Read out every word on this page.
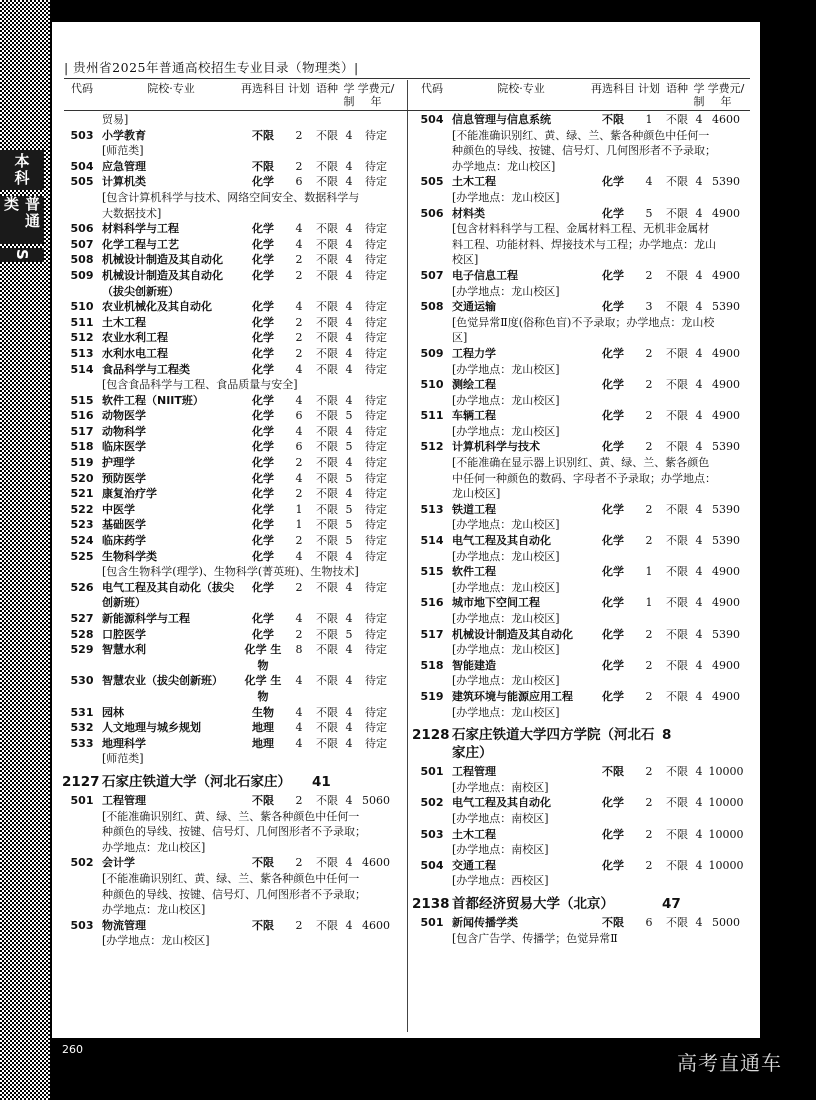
本科
普通类
S
| 贵州省2025年普通高校招生专业目录（物理类）|
代码	院校·专业	再选科目 计划 语种 学制
学费元/年
贸易]
503 小学教育	不限	2	不限 4	待定
[师范类]
504 应急管理	不限	2	不限 4	待定
505 计算机类	化学	6	不限 4	待定
[包含计算机科学与技术、网络空间安全、数据科学与大数据技术]
506 材料科学与工程	化学	4	不限 4	待定
507 化学工程与工艺	化学	4	不限 4	待定
508 机械设计制造及其自动化	化学	2	不限 4	待定
509 机械设计制造及其自动化（拔尖创新班）
化学	2	不限 4	待定
510 农业机械化及其自动化	化学	4	不限 4	待定
511 土木工程	化学	2	不限 4	待定
512 农业水利工程	化学	2	不限 4	待定
513 水利水电工程	化学	2	不限 4	待定
514 食品科学与工程类	化学	4	不限 4	待定
[包含食品科学与工程、食品质量与安全]
515 软件工程（NIIT班）	化学	4	不限 4	待定
516 动物医学	化学	6	不限 5	待定
517 动物科学	化学	4	不限 4	待定
518 临床医学	化学	6	不限 5	待定
519 护理学	化学	2	不限 4	待定
520 预防医学	化学	4	不限 5	待定
521 康复治疗学	化学	2	不限 4	待定
522 中医学	化学	1	不限 5	待定
523 基础医学	化学	1	不限 5	待定
524 临床药学	化学	2	不限 5	待定
525 生物科学类	化学	4	不限 4	待定
[包含生物科学(理学)、生物科学(菁英班)、生物技术]
526 电气工程及其自动化（拔尖创新班）
化学	2	不限 4	待定
527 新能源科学与工程	化学	4	不限 4	待定
528 口腔医学	化学	2	不限 5	待定
529 智慧水利	化学 生物
8	不限 4	待定
530 智慧农业（拔尖创新班）	化学 生物
4	不限 4	待定
531 园林	生物	4	不限 4	待定
532 人文地理与城乡规划	地理	4	不限 4	待定
533 地理科学	地理	4	不限 4	待定
[师范类]
2127 石家庄铁道大学（河北石家庄）	41
501 工程管理	不限	2	不限 4 5060
[不能准确识别红、黄、绿、兰、紫各种颜色中任何一种颜色的导线、按键、信号灯、几何图形者不予录取；办学地点：龙山校区]
502 会计学	不限	2	不限 4 4600
[不能准确识别红、黄、绿、兰、紫各种颜色中任何一种颜色的导线、按键、信号灯、几何图形者不予录取；办学地点：龙山校区]
503 物流管理	不限	2	不限 4 4600
[办学地点：龙山校区]
代码	院校·专业	再选科目 计划 语种 学制
学费元/年
504 信息管理与信息系统	不限	1	不限 4 4600
[不能准确识别红、黄、绿、兰、紫各种颜色中任何一种颜色的导线、按键、信号灯、几何图形者不予录取；办学地点：龙山校区]
505 土木工程	化学	4	不限 4 5390
[办学地点：龙山校区]
506 材料类	化学	5	不限 4 4900
[包含材料科学与工程、金属材料工程、无机非金属材料工程、功能材料、焊接技术与工程；办学地点：龙山校区]
507 电子信息工程	化学	2	不限 4 4900
[办学地点：龙山校区]
508 交通运输	化学	3	不限 4 5390
[色觉异常Ⅱ度(俗称色盲)不予录取；办学地点：龙山校区]
509 工程力学	化学	2	不限 4 4900
[办学地点：龙山校区]
510 测绘工程	化学	2	不限 4 4900
[办学地点：龙山校区]
511 车辆工程	化学	2	不限 4 4900
[办学地点：龙山校区]
512 计算机科学与技术	化学	2	不限 4 5390
[不能准确在显示器上识别红、黄、绿、兰、紫各颜色中任何一种颜色的数码、字母者不予录取；办学地点：龙山校区]
513 铁道工程	化学	2	不限 4 5390
[办学地点：龙山校区]
514 电气工程及其自动化	化学	2	不限 4 5390
[办学地点：龙山校区]
515 软件工程	化学	1	不限 4 4900
[办学地点：龙山校区]
516 城市地下空间工程	化学	1	不限 4 4900
[办学地点：龙山校区]
517 机械设计制造及其自动化	化学	2	不限 4 5390
[办学地点：龙山校区]
518 智能建造	化学	2	不限 4 4900
[办学地点：龙山校区]
519 建筑环境与能源应用工程	化学	2	不限 4 4900
[办学地点：龙山校区]
2128 石家庄铁道大学四方学院（河北石家庄）
8
501 工程管理	不限	2	不限 4 10000
[办学地点：南校区]
502 电气工程及其自动化	化学	2	不限 4 10000
[办学地点：南校区]
503 土木工程	化学	2	不限 4 10000
[办学地点：南校区]
504 交通工程	化学	2	不限 4 10000
[办学地点：西校区]
2138 首都经济贸易大学（北京）	47
501 新闻传播学类	不限	6	不限 4 5000
[包含广告学、传播学；色觉异常Ⅱ
260
高考直通车
